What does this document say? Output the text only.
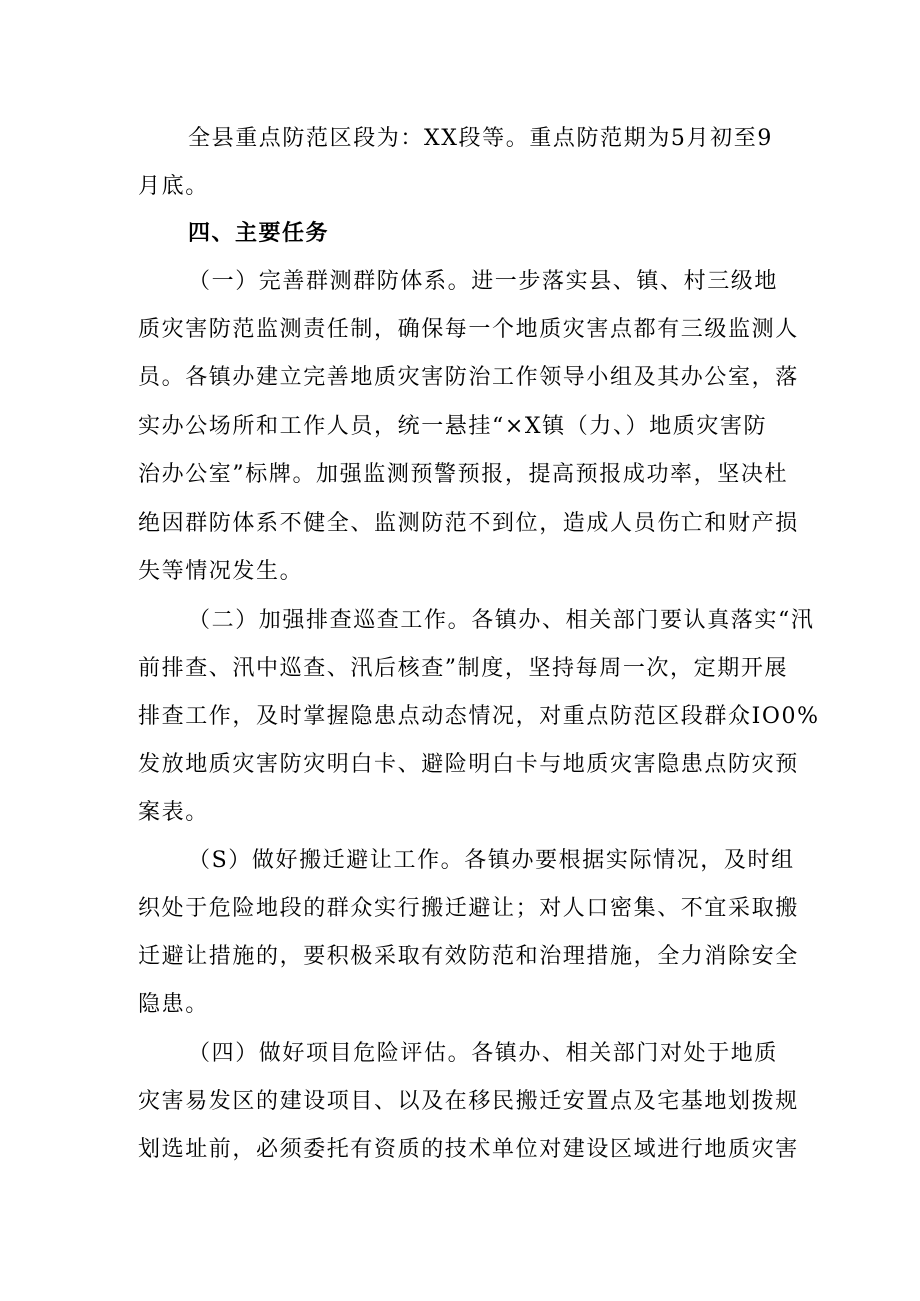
全县重点防范区段为：XX段等。重点防范期为5月初至9
月底。
四、主要任务
（一）完善群测群防体系。进一步落实县、镇、村三级地
质灾害防范监测责任制，确保每一个地质灾害点都有三级监测人
员。各镇办建立完善地质灾害防治工作领导小组及其办公室，落
实办公场所和工作人员，统一悬挂“×X镇（力、）地质灾害防
治办公室”标牌。加强监测预警预报，提高预报成功率，坚决杜
绝因群防体系不健全、监测防范不到位，造成人员伤亡和财产损
失等情况发生。
（二）加强排查巡查工作。各镇办、相关部门要认真落实“汛
前排查、汛中巡查、汛后核查”制度，坚持每周一次，定期开展
排查工作，及时掌握隐患点动态情况，对重点防范区段群众IO0%
发放地质灾害防灾明白卡、避险明白卡与地质灾害隐患点防灾预
案表。
（S）做好搬迁避让工作。各镇办要根据实际情况，及时组
织处于危险地段的群众实行搬迁避让；对人口密集、不宜采取搬
迁避让措施的，要积极采取有效防范和治理措施，全力消除安全
隐患。
（四）做好项目危险评估。各镇办、相关部门对处于地质
灾害易发区的建设项目、以及在移民搬迁安置点及宅基地划拨规
划选址前，必须委托有资质的技术单位对建设区域进行地质灾害
